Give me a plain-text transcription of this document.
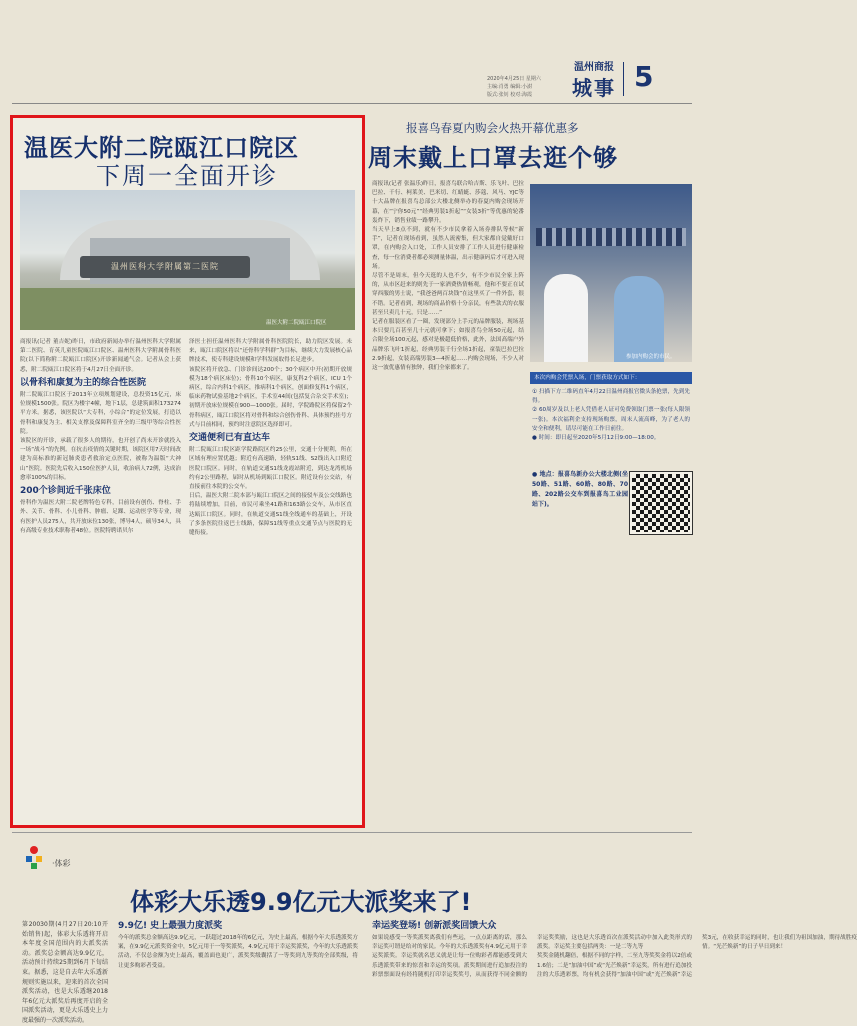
2020年4月25日 星期六
主编:肖勇 编辑:小澍
版式:张钊 校对:海霞
温州商报
城事 5
温医大附二院瓯江口院区
下周一全面开诊
温州医科大学附属第二医院
温医大附二院瓯江口院区
商报讯(记者 董吉妮)昨日，市政府新闻办举行温州医科大学附属第二医院、育英儿童医院瓯江口院区、温州医科大学附属骨科医院(以下简称附二院瓯江口院区)开诊新闻通气会。记者从会上获悉，附二院瓯江口院区将于4月27日全面开诊。
以骨科和康复为主的综合性医院
附二院瓯江口院区于2013年立项规划建设，总投资15亿元，床位规模1500张。院区为楼宇4幢，地下1层，总建筑面积173274平方米。据悉，该医院以“大专科，小综合”的定位发展，打造以骨科和康复为主、相关支撑及保障科室齐全的三级甲等综合性医院。
该院区的开诊，承载了很多人的期待，也开创了尚未开诊就投入一场“战斗”的先例。在抗击疫情的关键时期，该院区用7天时间改建为高标准的新冠肺炎患者救治定点医院，被称为温版“大神山”医院。医院先后收入150位医护人员，收治病人72例，达成治愈率100%的目标。
200个诊间近千张床位
骨科作为温医大附二院老牌特色专科，目前设有创伤、脊柱、手外、关节、骨科、小儿骨科、肿瘤、足踝、运动医学等专业，现有医护人员275人，共开放床位130张，博导4人，硕导34人，具有高级专业技术职称者48位。医院特聘诺贝尔
泽医士担任温州医科大学附属骨科医院院长，助力院区发展。未来，瓯江口院区将以“还骨科学科群”为目标，继续大力发展核心品牌技术，使专科建设规模和学科发展取得长足进步。
该院区将开放急、门诊诊间达200个；30个病区中开(初期开放规模为18个病区床位)；骨科10个病区，康复科2个病区，ICU 1个病区，综合内科1个病区，推病科1个病区，创面修复科1个病区，临床药物试验基地2个病区，手术室44间(包括复合杂交手术室)；初期开放床位规模在900—1000张。届时，学院路院区将保留2个骨科病区，瓯江口院区将对骨科和综合创伤骨科、具体预约挂号方式与目前相同，预约时注意院区选择即可。
交通便利已有直达车
附二院瓯江口院区距学院路院区约25公里，交通十分便利，所在区域有理应置优越；附近有高速路，轻轨S1线、S2线出入口附近医院口院区。同时，在轨道交通S1线龙霞站附近，到达龙湾机场约有2公里路程，届时从机场到瓯江口院区。附近设有公交站，有直接前往本院的公交车。
日后，温医大附二院本部与瓯江口院区之间的接驳车及公交线路也将陆续增加，目前，市民可乘坐41路和163路公交车，从市区直达瓯江口院区。同时，在轨道交通S1线全线通车的基础上，开设了多条医院往返巴士线路，保障S1线等重点交通节点与医院的无缝衔接。
报喜鸟春夏内购会火热开幕优惠多
周末戴上口罩去逛个够
商报讯(记者 张温乐)昨日，报喜鸟联合哈吉斯、乐飞叶、巴拉巴拉、千行、柯莱美、巴米切、红蜻蜓、莎蔻、风马、YJC等十大品牌在报喜鸟总部公大楼北侧举办的春夏内购会现场开幕，在“宁你50元”“经典男装1折起”“女装3折”等优惠的轮番轰炸下，销售业绩一路攀升。
当天早上8点不到，就有不少市民拿着入场券排队等候“新手”，记者在现场看到，虽然人流密集，但大家都自觉戴好口罩，在内购会入口处，工作人员安排了工作人员进行健康检查，每一位消费者都必须测量体温，出示健康码后才可进入现场。
尽管不是周末，但今天逛的人也不少，有不少市民全家上阵的，从市区赶来的则先于一家酒费热情畅观，他和不要正在试穿西服的男士说，“我爸爸两百块钱”在这里买了一件外套，很不错。记者看到，现场的商品价格十分亲民，有些款式的衣服甚至只卖几十元，只是……”
记者在服装区看了一圈，发现部分上手元的品牌服装，现场基本只要几百甚至几十元就可拿下；如报喜鸟全场50元起，结合限全场100元起，感对是极超低价格，此外，法国高端户外品牌乐飞叶1折起，经典男装千行全场1折起，童装巴拉巴拉2.9折起，女装高端男装3—4折起……内购会现场，不少人对这一波优惠情有独钟，我们全家都来了。
参加内购会的市民。
本次内购会凭票入场，门票获取方式如下：
① 扫描下方二维码直年4月22日温州商报官微头条抢票，先到先得。
② 60周岁及以上老人凭借老人证可免费领取门票一张(每人限领一张)。本次福利企支持现场购票，周末人流高峰，为了老人的安全和便利，请尽可能在工作日前往。
● 时间：即日起至2020年5月12日9:00—18:00。
● 地点：报喜鸟新办公大楼北侧(坐50路、51路、60路、80路、70路、202路公交车到报喜鸟工业园站下)。
·体彩
体彩大乐透9.9亿元大派奖来了!
第20030期(4月27日20:10开始销售)起，体彩大乐透将开启本年度全国范围内的大派奖活动。派奖总金额高达9.9亿元，活动预计持续25期到6月下旬结束。据悉，这是自去年大乐透新规则实施以来，迎来的首次全国派奖活动，也是大乐透继2018年6亿元大派奖后再度开启的全国派奖活动，更是大乐透史上力度最强的一次派奖活动。
9.9亿! 史上最强力度派奖
今年的派奖总金额高达9.9亿元，一跃超过2018年的6亿元，为史上最高，根据今年大乐透派奖方案，在9.9亿元派奖资金中，5亿元用于一等奖派奖，4.9亿元用于幸运奖派奖，今年的大乐透派奖活动，不仅总金额为史上最高，覆盖面也更广，派奖奖级囊括了一等奖到九等奖的全部奖级，将让更多购彩者受益。
幸运奖登场! 创新派奖回馈大众
如果说感受一等奖派奖离我们有些远，一点点距离的话，那么幸运奖可谓是给对的家民。今年的大乐透派奖有4.9亿元用于幸运奖派奖。幸运奖就名思义就是让每一位购彩者都能感受到大乐透派奖带来的惊喜和幸运的奖项。派奖期间进行追加投注的彩票票面设有经将随机打印幸运奖奖号，从而获得不同金额的幸运奖奖励，这也是大乐透首次在派奖活动中加入此类形式的派奖。幸运奖主要包括两类：一是二等九等
奖奖金随机翻倍，根据不同的字样，二至九等奖奖金将以2倍或1.6倍；二是“加油中国”或“光芒焕新”幸运奖，所有进行追加投注的大乐透彩票，均有机会获得“加油中国”或“光芒焕新”幸运奖3元，在收获幸运的同时，也让我们为祖国加油，期待战胜疫情。“光芒焕新”的日子早日到来！
